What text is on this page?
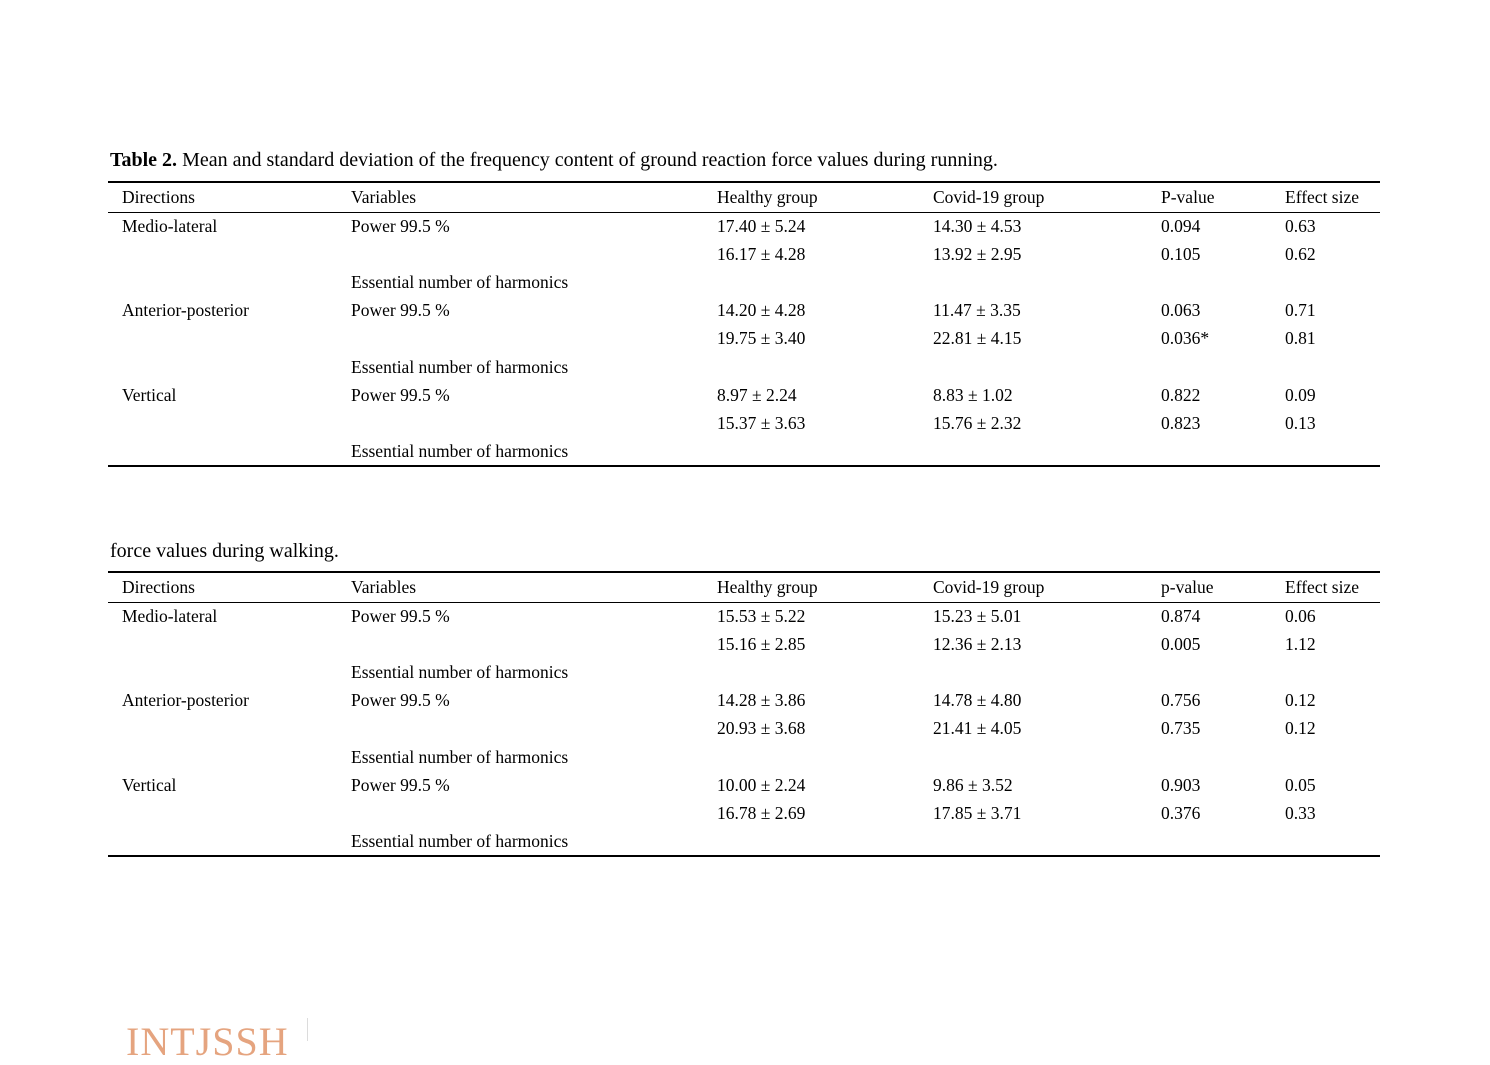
Table 2. Mean and standard deviation of the frequency content of ground reaction force values during running.

Directions	Variables	Healthy group	Covid-19 group	P-value	Effect size
Medio-lateral	Power 99.5 %	17.40 ± 5.24	14.30 ± 4.53	0.094	0.63
		16.17 ± 4.28	13.92 ± 2.95	0.105	0.62
	Essential number of harmonics				
Anterior-posterior	Power 99.5 %	14.20 ± 4.28	11.47 ± 3.35	0.063	0.71
		19.75 ± 3.40	22.81 ± 4.15	0.036*	0.81
	Essential number of harmonics				
Vertical	Power 99.5 %	8.97 ± 2.24	8.83 ± 1.02	0.822	0.09
		15.37 ± 3.63	15.76 ± 2.32	0.823	0.13
	Essential number of harmonics				

force values during walking.

Directions	Variables	Healthy group	Covid-19 group	p-value	Effect size
Medio-lateral	Power 99.5 %	15.53 ± 5.22	15.23 ± 5.01	0.874	0.06
		15.16 ± 2.85	12.36 ± 2.13	0.005	1.12
	Essential number of harmonics				
Anterior-posterior	Power 99.5 %	14.28 ± 3.86	14.78 ± 4.80	0.756	0.12
		20.93 ± 3.68	21.41 ± 4.05	0.735	0.12
	Essential number of harmonics				
Vertical	Power 99.5 %	10.00 ± 2.24	9.86 ± 3.52	0.903	0.05
		16.78 ± 2.69	17.85 ± 3.71	0.376	0.33
	Essential number of harmonics				
INTJSSH
